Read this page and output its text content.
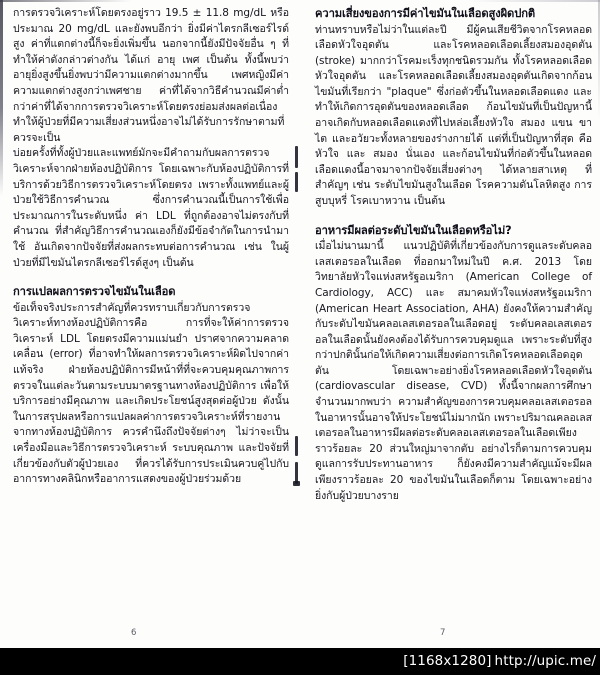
การตรวจวิเคราะห์โดยตรงอยู่ราว 19.5 ± 11.8 mg/dL หรือประมาณ 20 mg/dL และยังพบอีกว่า ยิ่งมีค่าไตรกลีเซอร์ไรด์สูง ค่าที่แตกต่างนี้ก็จะยิ่งเพิ่มขึ้น นอกจากนี้ยังมีปัจจัยอื่น ๆ ที่ ทำให้ค่าดังกล่าวต่างกัน ได้แก่ อายุ เพศ เป็นต้น ทั้งนี้พบว่าอายุยิ่งสูงขึ้นยิ่งพบว่ามีความแตกต่างมากขึ้น เพศหญิงมีค่าความแตกต่างสูงกว่าเพศชาย ค่าที่ได้จากวิธีคำนวณมีค่าต่ำกว่าค่าที่ได้จากการตรวจวิเคราะห์โดยตรงย่อมส่งผลต่อเนื่องทำให้ผู้ป่วยที่มีความเสี่ยงส่วนหนึ่งอาจไม่ได้รับการรักษาตามที่ควรจะเป็น

บ่อยครั้งที่ทั้งผู้ป่วยและแพทย์มักจะมีคำถามกับผลการตรวจวิเคราะห์จากฝ่ายห้องปฏิบัติการ โดยเฉพาะกับห้องปฏิบัติการที่บริการด้วยวิธีการตรวจวิเคราะห์โดยตรง เพราะทั้งแพทย์และผู้ป่วยใช้วิธีการคำนวณ ซึ่งการคำนวณนี้เป็นการใช้เพื่อประมาณการในระดับหนึ่ง ค่า LDL ที่ถูกต้องอาจไม่ตรงกับที่คำนวณ ที่สำคัญวิธีการคำนวณเองก็ยังมีข้อจำกัดในการนำมาใช้ อันเกิดจากปัจจัยที่ส่งผลกระทบต่อการคำนวณ เช่น ในผู้ป่วยที่มีไขมันไตรกลีเซอร์ไรด์สูงๆ เป็นต้น

การแปลผลการตรวจไขมันในเลือด

ข้อเท็จจริงประการสำคัญที่ควรทราบเกี่ยวกับการตรวจวิเคราะห์ทางห้องปฏิบัติการคือ การที่จะให้ค่าการตรวจวิเคราะห์ LDL โดยตรงมีความแม่นยำ ปราศจากความคลาดเคลื่อน (error) ที่อาจทำให้ผลการตรวจวิเคราะห์ผิดไปจากค่าแท้จริง ฝ่ายห้องปฏิบัติการมีหน้าที่ที่จะควบคุมคุณภาพการตรวจในแต่ละวันตามระบบมาตรฐานทางห้องปฏิบัติการ เพื่อให้บริการอย่างมีคุณภาพ และเกิดประโยชน์สูงสุดต่อผู้ป่วย ดังนั้น ในการสรุปผลหรือการแปลผลค่าการตรวจวิเคราะห์ที่รายงานจากทางห้องปฏิบัติการ ควรคำนึงถึงปัจจัยต่างๆ ไม่ว่าจะเป็นเครื่องมือและวิธีการตรวจวิเคราะห์ ระบบคุณภาพ และปัจจัยที่เกี่ยวข้องกับตัวผู้ป่วยเอง ที่ควรได้รับการประเมินควบคู่ไปกับอาการทางคลินิกหรืออาการแสดงของผู้ป่วยร่วมด้วย

6
ความเสี่ยงของการมีค่าไขมันในเลือดสูงผิดปกติ

ท่านทราบหรือไม่ว่าในแต่ละปี มีผู้คนเสียชีวิตจากโรคหลอดเลือดหัวใจอุดตัน และโรคหลอดเลือดเลี้ยงสมองอุดตัน (stroke) มากกว่าโรคมะเร็งทุกชนิดรวมกัน ทั้งโรคหลอดเลือดหัวใจอุดตัน และโรคหลอดเลือดเลี้ยงสมองอุดตันเกิดจากก้อนไขมันที่เรียกว่า "plaque" ซึ่งก่อตัวขึ้นในหลอดเลือดแดง และทำให้เกิดการอุดตันของหลอดเลือด ก้อนไขมันที่เป็นปัญหานี้อาจเกิดกับหลอดเลือดแดงที่ไปหล่อเลี้ยงหัวใจ สมอง แขน ขา ไต และอวัยวะทั้งหลายของร่างกายได้ แต่ที่เป็นปัญหาที่สุด คือ หัวใจ และ สมอง นั่นเอง และก้อนไขมันที่ก่อตัวขึ้นในหลอดเลือดแดงนี้อาจมาจากปัจจัยเสี่ยงต่างๆ ได้หลายสาเหตุ ที่สำคัญๆ เช่น ระดับไขมันสูงในเลือด โรคความดันโลหิตสูง การสูบบุหรี่ โรคเบาหวาน เป็นต้น

อาหารมีผลต่อระดับไขมันในเลือดหรือไม่?

เมื่อไม่นานมานี้ แนวปฏิบัติที่เกี่ยวข้องกับการดูแลระดับคลอเลสเตอรอลในเลือด ที่ออกมาใหม่ในปี ค.ศ. 2013 โดยวิทยาลัยหัวใจแห่งสหรัฐอเมริกา (American College of Cardiology, ACC) และ สมาคมหัวใจแห่งสหรัฐอเมริกา (American Heart Association, AHA) ยังคงให้ความสำคัญกับระดับไขมันคลอเลสเตอรอลในเลือดอยู่ ระดับคลอเลสเตอรอลในเลือดนั้นยังคงต้องได้รับการควบคุมดูแล เพราะระดับที่สูงกว่าปกตินั้นก่อให้เกิดความเสี่ยงต่อการเกิดโรคหลอดเลือดอุดตัน โดยเฉพาะอย่างยิ่งโรคหลอดเลือดหัวใจอุดตัน (cardiovascular disease, CVD) ทั้งนี้จากผลการศึกษาจำนวนมากพบว่า ความสำคัญของการควบคุมคลอเลสเตอรอลในอาหารนั้นอาจให้ประโยชน์ไม่มากนัก เพราะปริมาณคลอเลสเตอรอลในอาหารมีผลต่อระดับคลอเลสเตอรอลในเลือดเพียงราวร้อยละ 20 ส่วนใหญ่มาจากตับ อย่างไรก็ตามการควบคุมดูแลการรับประทานอาหาร ก็ยังคงมีความสำคัญแม้จะมีผลเพียงราวร้อยละ 20 ของไขมันในเลือดก็ตาม โดยเฉพาะอย่างยิ่งกับผู้ป่วยบางราย

7
[1168x1280] http://upic.me/
